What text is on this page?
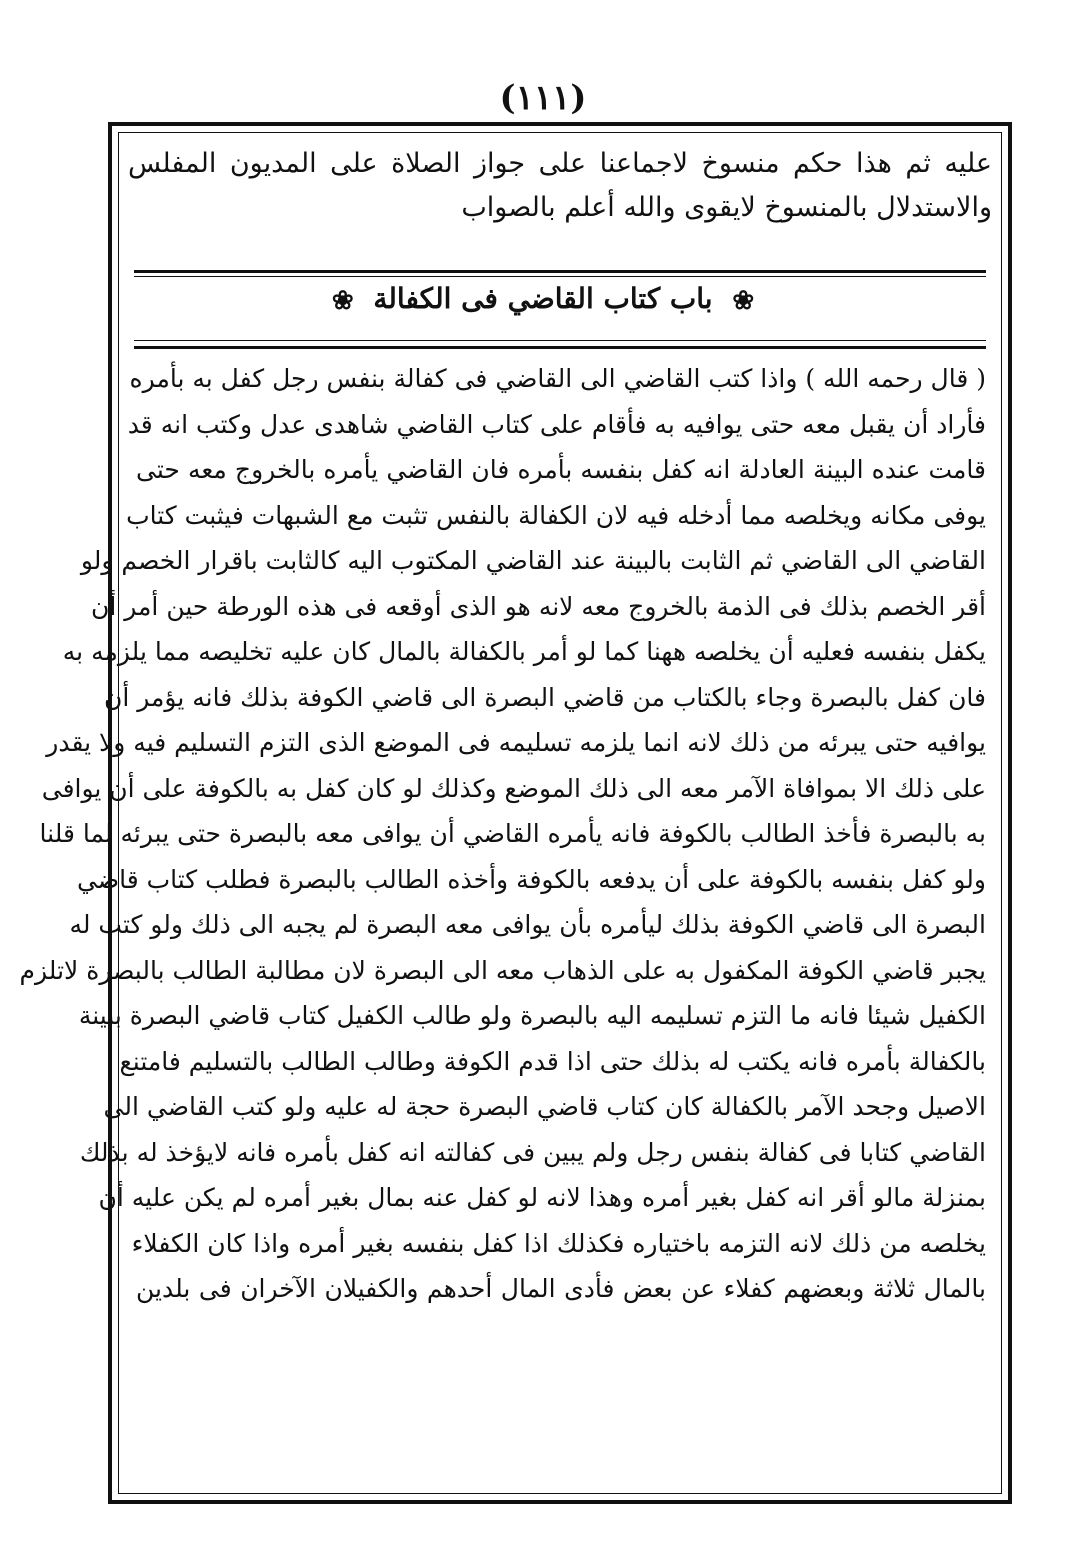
(١١١)
عليه ثم هذا حكم منسوخ لاجماعنا على جواز الصلاة على المديون المفلس والاستدلال بالمنسوخ لايقوى والله أعلم بالصواب
❀ باب كتاب القاضي فى الكفالة ❀
( قال رحمه الله ) واذا كتب القاضي الى القاضي فى كفالة بنفس رجل كفل به بأمره
فأراد أن يقبل معه حتى يوافيه به فأقام على كتاب القاضي شاهدى عدل وكتب انه قد
قامت عنده البينة العادلة انه كفل بنفسه بأمره فان القاضي يأمره بالخروج معه حتى
يوفى مكانه ويخلصه مما أدخله فيه لان الكفالة بالنفس تثبت مع الشبهات فيثبت كتاب
القاضي الى القاضي ثم الثابت بالبينة عند القاضي المكتوب اليه كالثابت باقرار الخصم ولو
أقر الخصم بذلك فى الذمة بالخروج معه لانه هو الذى أوقعه فى هذه الورطة حين أمر أن
يكفل بنفسه فعليه أن يخلصه ههنا كما لو أمر بالكفالة بالمال كان عليه تخليصه مما يلزمه به
فان كفل بالبصرة وجاء بالكتاب من قاضي البصرة الى قاضي الكوفة بذلك فانه يؤمر أن
يوافيه حتى يبرئه من ذلك لانه انما يلزمه تسليمه فى الموضع الذى التزم التسليم فيه ولا يقدر
على ذلك الا بموافاة الآمر معه الى ذلك الموضع وكذلك لو كان كفل به بالكوفة على أن يوافى
به بالبصرة فأخذ الطالب بالكوفة فانه يأمره القاضي أن يوافى معه بالبصرة حتى يبرئه لما قلنا
ولو كفل بنفسه بالكوفة على أن يدفعه بالكوفة وأخذه الطالب بالبصرة فطلب كتاب قاضي
البصرة الى قاضي الكوفة بذلك ليأمره بأن يوافى معه البصرة لم يجبه الى ذلك ولو كتب له
يجبر قاضي الكوفة المكفول به على الذهاب معه الى البصرة لان مطالبة الطالب بالبصرة لاتلزم
الكفيل شيئا فانه ما التزم تسليمه اليه بالبصرة ولو طالب الكفيل كتاب قاضي البصرة ببينة
بالكفالة بأمره فانه يكتب له بذلك حتى اذا قدم الكوفة وطالب الطالب بالتسليم فامتنع
الاصيل وجحد الآمر بالكفالة كان كتاب قاضي البصرة حجة له عليه ولو كتب القاضي الى
القاضي كتابا فى كفالة بنفس رجل ولم يبين فى كفالته انه كفل بأمره فانه لايؤخذ له بذلك
بمنزلة مالو أقر انه كفل بغير أمره وهذا لانه لو كفل عنه بمال بغير أمره لم يكن عليه أن
يخلصه من ذلك لانه التزمه باختياره فكذلك اذا كفل بنفسه بغير أمره واذا كان الكفلاء
بالمال ثلاثة وبعضهم كفلاء عن بعض فأدى المال أحدهم والكفيلان الآخران فى بلدين
